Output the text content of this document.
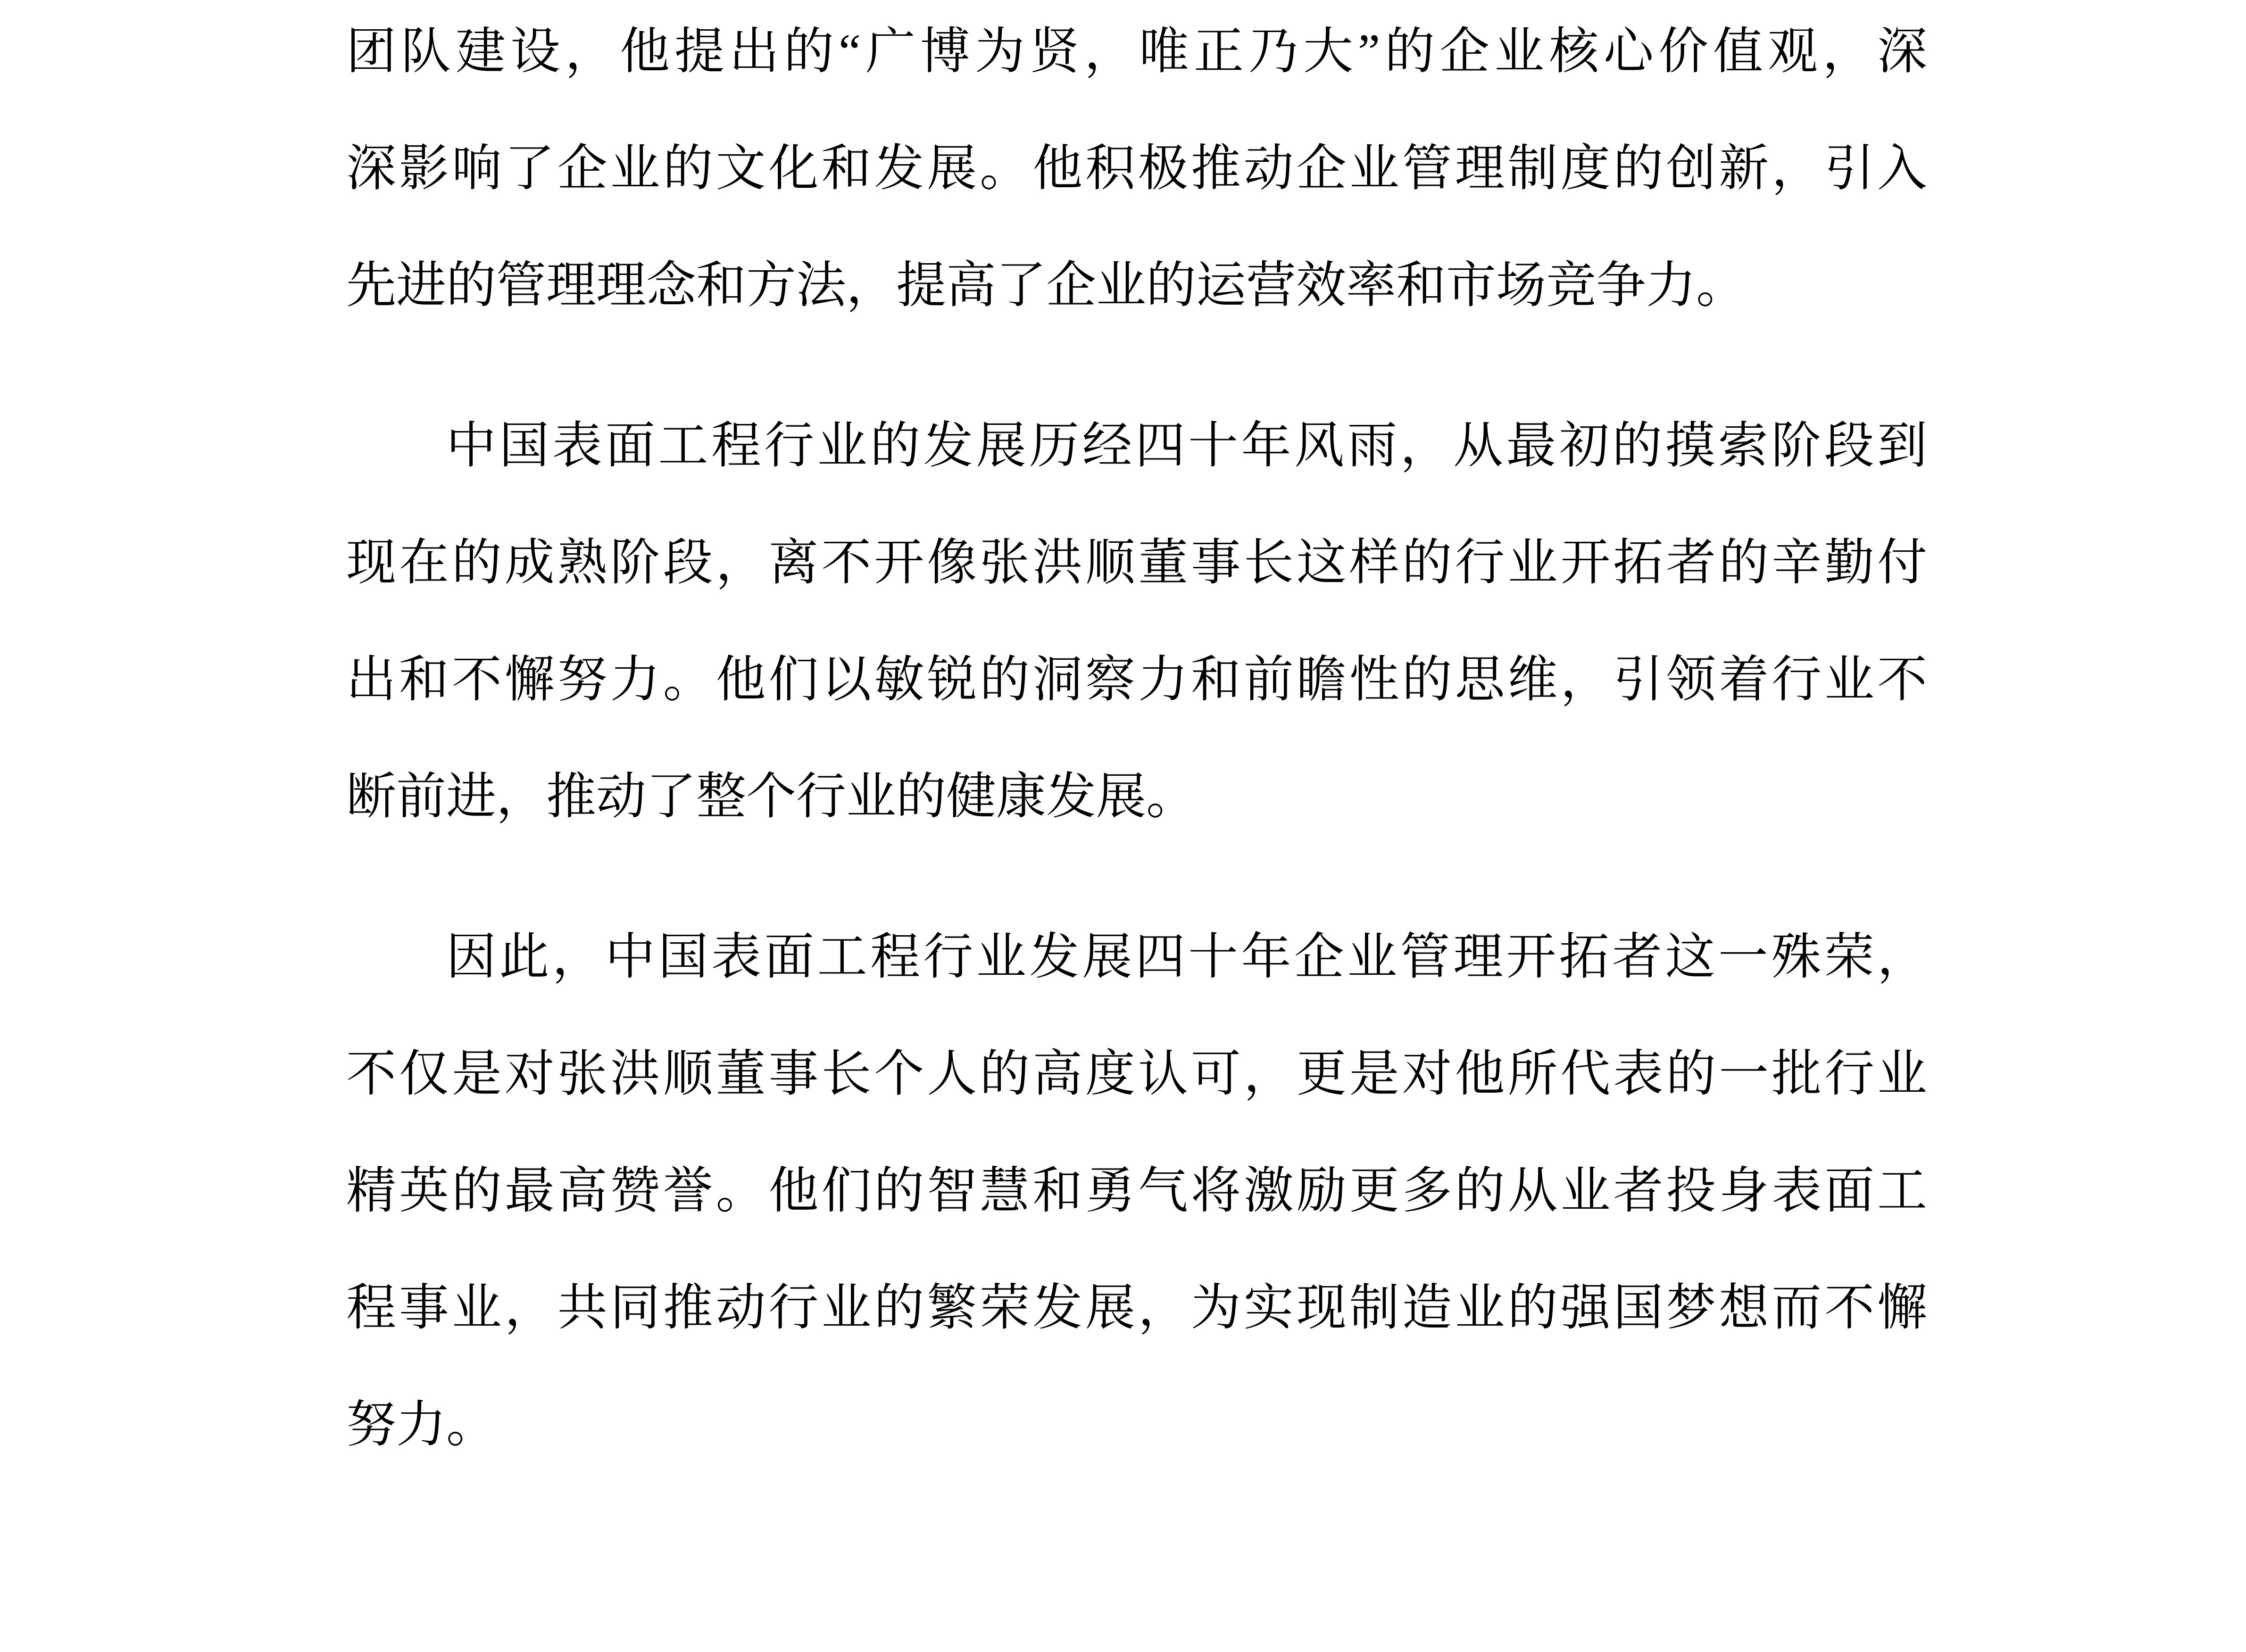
团队建设，他提出的“广博为贤，唯正乃大”的企业核心价值观，深
深影响了企业的文化和发展。他积极推动企业管理制度的创新，引入
先进的管理理念和方法，提高了企业的运营效率和市场竞争力。
中国表面工程行业的发展历经四十年风雨，从最初的摸索阶段到
现在的成熟阶段，离不开像张洪顺董事长这样的行业开拓者的辛勤付
出和不懈努力。他们以敏锐的洞察力和前瞻性的思维，引领着行业不
断前进，推动了整个行业的健康发展。
因此，中国表面工程行业发展四十年企业管理开拓者这一殊荣，
不仅是对张洪顺董事长个人的高度认可，更是对他所代表的一批行业
精英的最高赞誉。他们的智慧和勇气将激励更多的从业者投身表面工
程事业，共同推动行业的繁荣发展，为实现制造业的强国梦想而不懈
努力。
